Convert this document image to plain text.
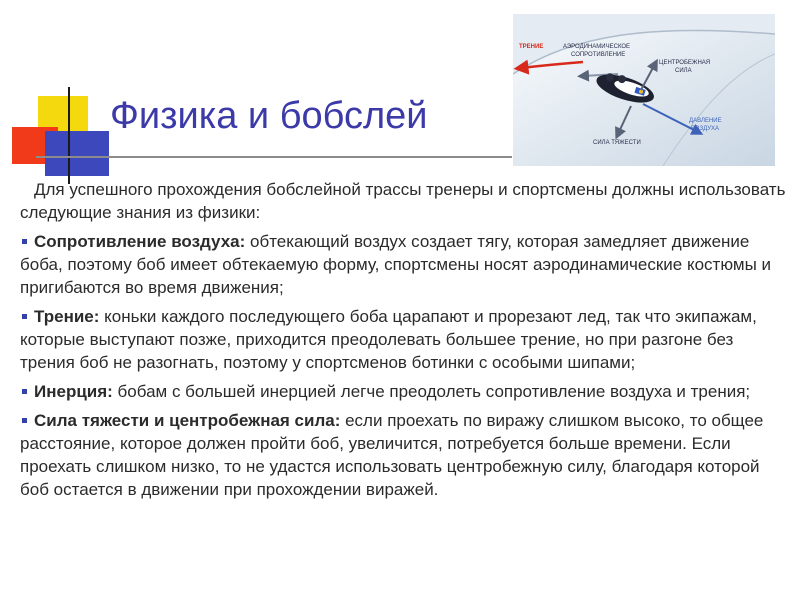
Физика и бобслей
ТРЕНИЕ	АЭРОДИНАМИЧЕСКОЕ
СОПРОТИВЛЕНИЕ
ЦЕНТРОБЕЖНАЯ
СИЛА
ДАВЛЕНИЕ
ВОЗДУХА
СИЛА ТЯЖЕСТИ

Для успешного прохождения бобслейной трассы тренеры и спортсмены должны использовать следующие знания из физики:

Сопротивление воздуха: обтекающий воздух создает тягу, которая замедляет движение боба, поэтому боб имеет обтекаемую форму, спортсмены носят аэродинамические костюмы и пригибаются во время движения;
Трение: коньки каждого последующего боба царапают и прорезают лед, так что экипажам, которые выступают позже, приходится преодолевать большее трение, но при разгоне без трения боб не разогнать, поэтому у спортсменов ботинки с особыми шипами;
Инерция: бобам с большей инерцией легче преодолеть сопротивление воздуха и трения;
Сила тяжести и центробежная сила: если проехать по виражу слишком высоко, то общее расстояние, которое должен пройти боб, увеличится, потребуется больше времени. Если проехать слишком низко, то не удастся использовать центробежную силу, благодаря которой боб остается в движении при прохождении виражей.
